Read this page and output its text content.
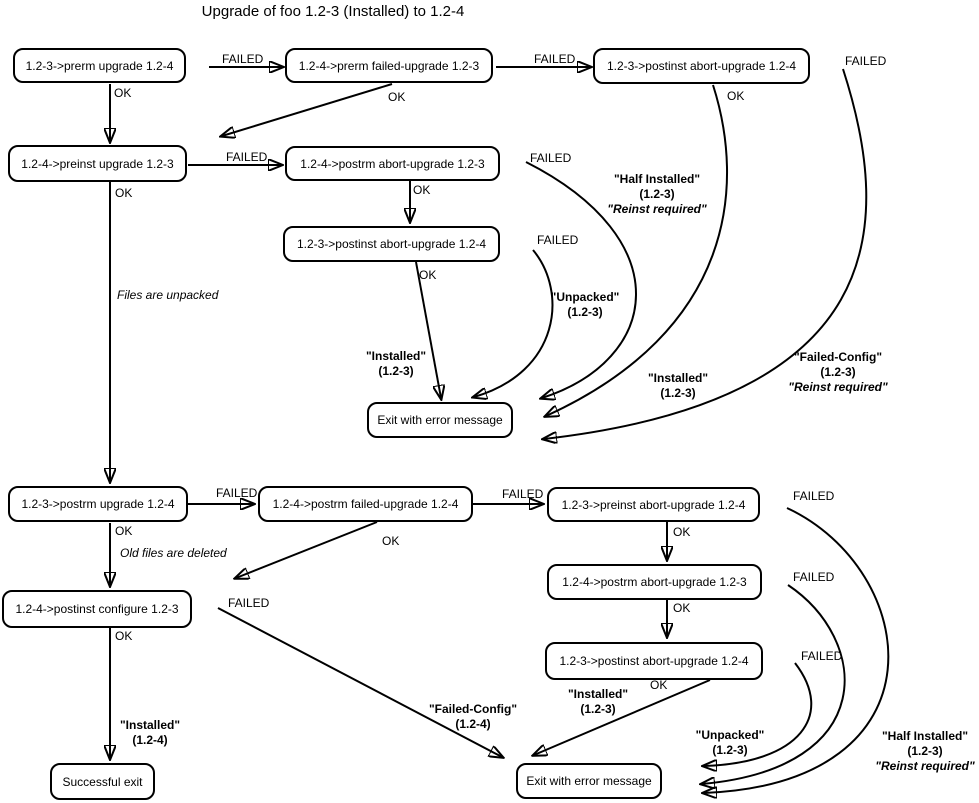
Upgrade of foo 1.2-3 (Installed) to 1.2-4
1.2-3->prerm upgrade 1.2-4	1.2-4->prerm failed-upgrade 1.2-3	1.2-3->postinst abort-upgrade 1.2-4
1.2-4->preinst upgrade 1.2-3	1.2-4->postrm abort-upgrade 1.2-3
1.2-3->postinst abort-upgrade 1.2-4
Exit with error message
1.2-3->postrm upgrade 1.2-4	1.2-4->postrm failed-upgrade 1.2-4	1.2-3->preinst abort-upgrade 1.2-4
1.2-4->postinst configure 1.2-3
1.2-4->postrm abort-upgrade 1.2-3
1.2-3->postinst abort-upgrade 1.2-4
Successful exit	Exit with error message
OK
FAILED	FAILED
OK	OK
FAILED
OK
FAILED
OK
FAILED
OK
FAILED
OK
FAILED
OK
FAILED
OK
FAILED
OK
FAILED
OK
FAILED
OK
FAILED
Files are unpacked
Old files are deleted
"Half Installed"
(1.2-3)
"Reinst required"
"Unpacked"
(1.2-3)
"Installed"
(1.2-3)	"Installed"
(1.2-3)
"Failed-Config"
(1.2-3)
"Reinst required"
"Installed"
(1.2-4)
"Failed-Config"
(1.2-4)
"Installed"
(1.2-3)
"Unpacked"
(1.2-3)
"Half Installed"
(1.2-3)
"Reinst required"
